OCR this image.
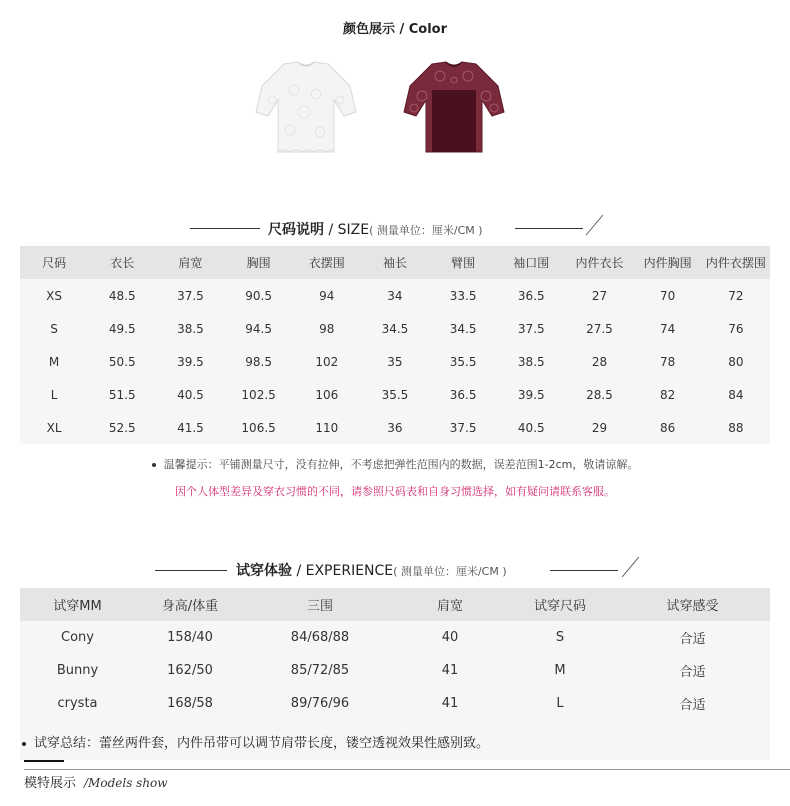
颜色展示 / Color
尺码说明 / SIZE( 测量单位：厘米/CM )
尺码	衣长	肩宽	胸围	衣摆围	袖长	臂围	袖口围	内件衣长	内件胸围	内件衣摆围
XS	48.5	37.5	90.5	94	34	33.5	36.5	27	70	72
S	49.5	38.5	94.5	98	34.5	34.5	37.5	27.5	74	76
M	50.5	39.5	98.5	102	35	35.5	38.5	28	78	80
L	51.5	40.5	102.5	106	35.5	36.5	39.5	28.5	82	84
XL	52.5	41.5	106.5	110	36	37.5	40.5	29	86	88
温馨提示：平铺测量尺寸，没有拉伸，不考虑把弹性范围内的数据，误差范围1-2cm，敬请谅解。
因个人体型差异及穿衣习惯的不同，请参照尺码表和自身习惯选择，如有疑问请联系客服。
试穿体验 / EXPERIENCE( 测量单位：厘米/CM )
试穿MM	身高/体重	三围	肩宽	试穿尺码	试穿感受
Cony	158/40	84/68/88	40	S	合适
Bunny	162/50	85/72/85	41	M	合适
crysta	168/58	89/76/96	41	L	合适
试穿总结：蕾丝两件套，内件吊带可以调节肩带长度，镂空透视效果性感别致。
模特展示 /Models show
